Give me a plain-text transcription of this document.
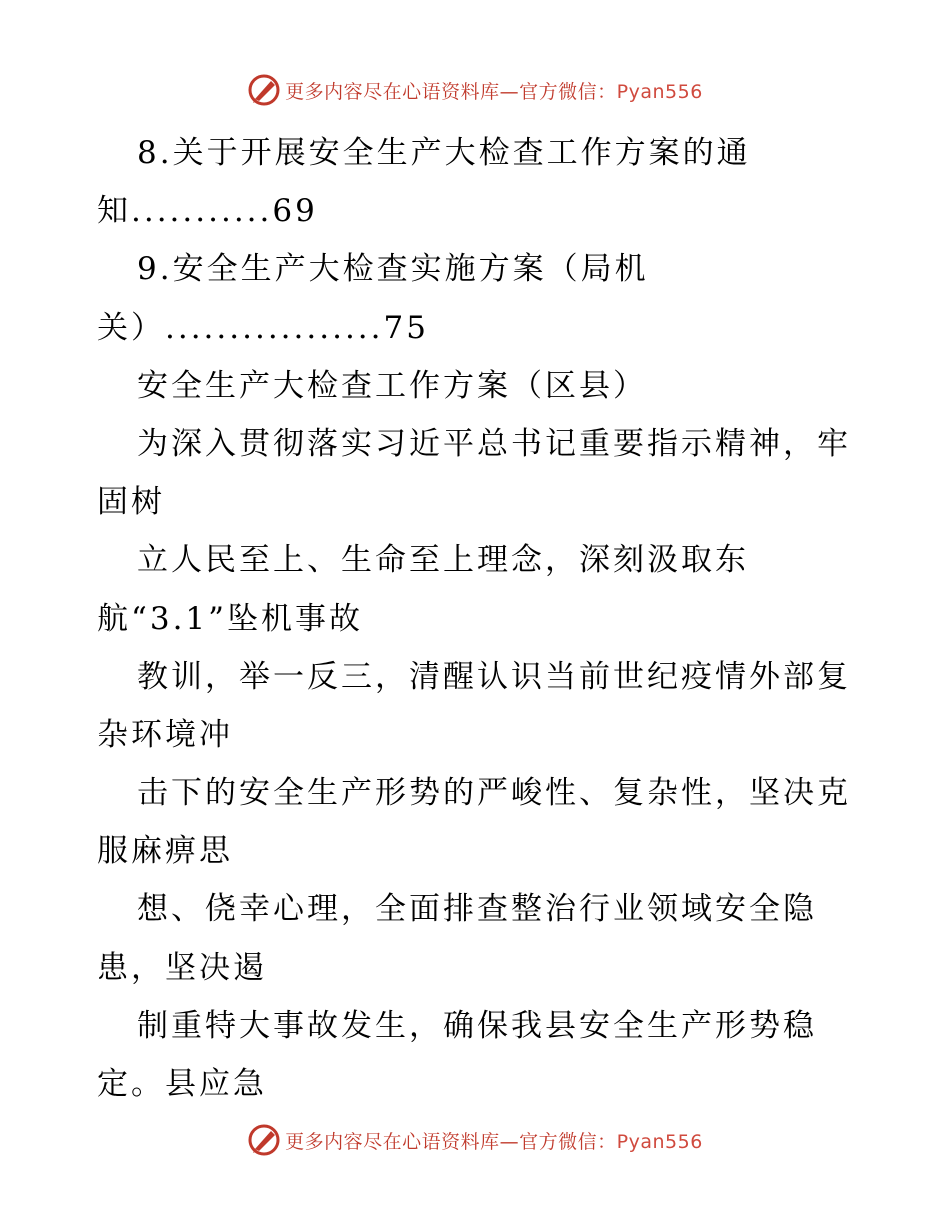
更多内容尽在心语资料库—官方微信：Pyan556
8.关于开展安全生产大检查工作方案的通
知...........69
9.安全生产大检查实施方案（局机
关）.................75
安全生产大检查工作方案（区县）
为深入贯彻落实习近平总书记重要指示精神，牢
固树
立人民至上、生命至上理念，深刻汲取东
航“3.1”坠机事故
教训，举一反三，清醒认识当前世纪疫情外部复
杂环境冲
击下的安全生产形势的严峻性、复杂性，坚决克
服麻痹思
想、侥幸心理，全面排查整治行业领域安全隐
患，坚决遏
制重特大事故发生，确保我县安全生产形势稳
定。县应急
更多内容尽在心语资料库—官方微信：Pyan556
